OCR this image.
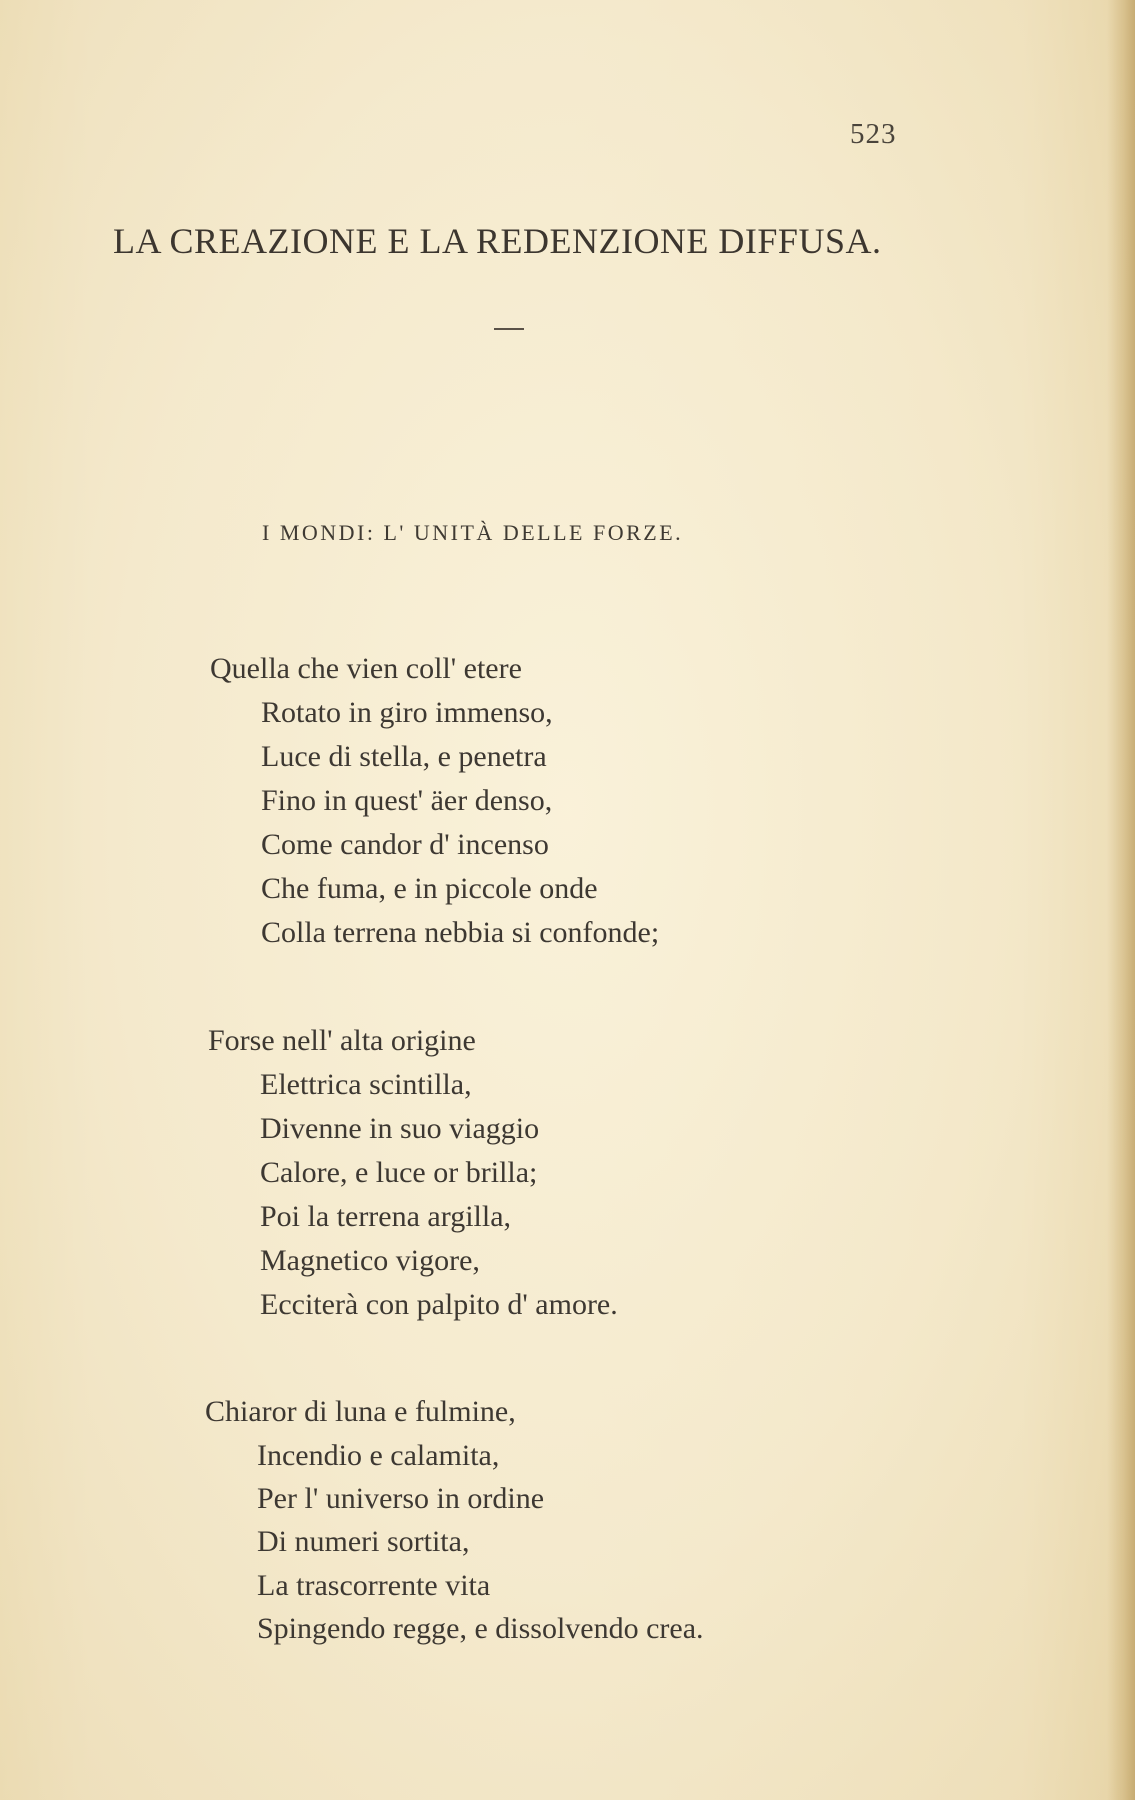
523
LA CREAZIONE E LA REDENZIONE DIFFUSA.
I MONDI: L' UNITÀ DELLE FORZE.
Quella che vien coll' etere
Rotato in giro immenso,
Luce di stella, e penetra
Fino in quest' äer denso,
Come candor d' incenso
Che fuma, e in piccole onde
Colla terrena nebbia si confonde;
Forse nell' alta origine
Elettrica scintilla,
Divenne in suo viaggio
Calore, e luce or brilla;
Poi la terrena argilla,
Magnetico vigore,
Ecciterà con palpito d' amore.
Chiaror di luna e fulmine,
Incendio e calamita,
Per l' universo in ordine
Di numeri sortita,
La trascorrente vita
Spingendo regge, e dissolvendo crea.
